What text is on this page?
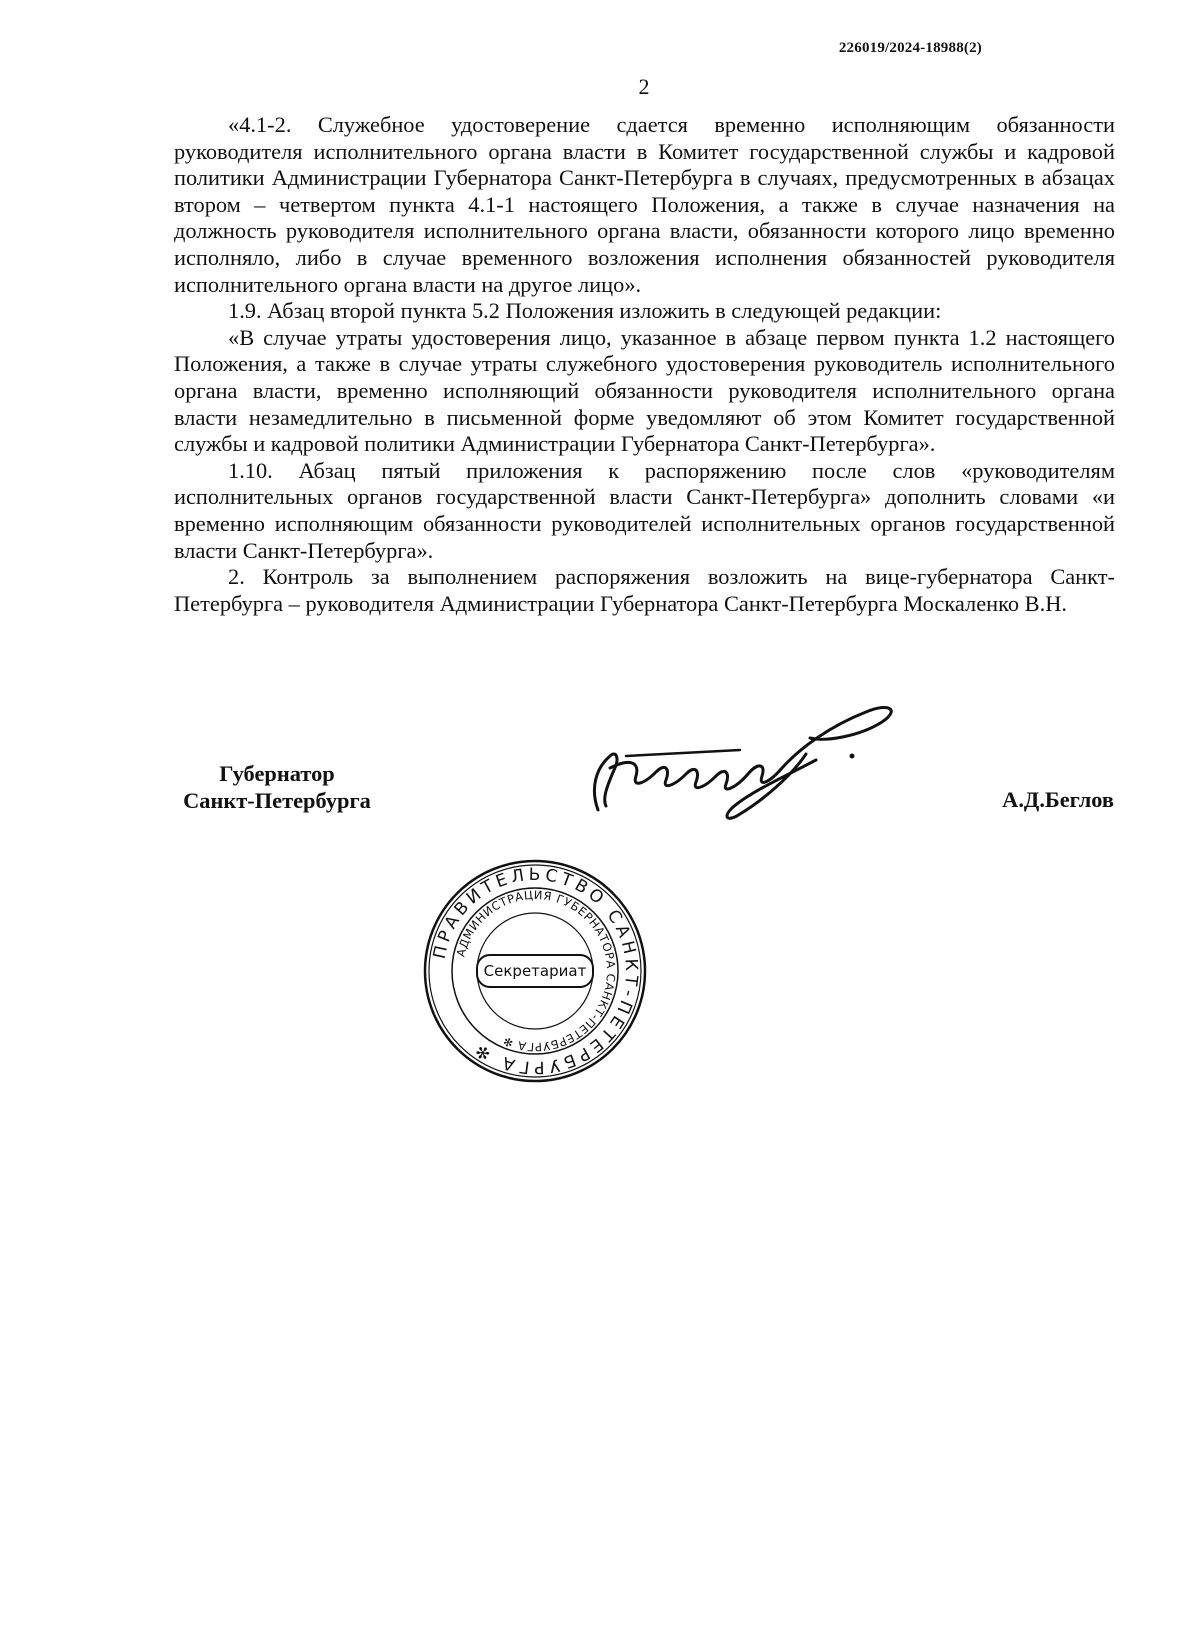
226019/2024-18988(2)
2

«4.1-2. Служебное удостоверение сдается временно исполняющим обязанности руководителя исполнительного органа власти в Комитет государственной службы и кадровой политики Администрации Губернатора Санкт-Петербурга в случаях, предусмотренных в абзацах втором – четвертом пункта 4.1-1 настоящего Положения, а также в случае назначения на должность руководителя исполнительного органа власти, обязанности которого лицо временно исполняло, либо в случае временного возложения исполнения обязанностей руководителя исполнительного органа власти на другое лицо».

1.9. Абзац второй пункта 5.2 Положения изложить в следующей редакции:

«В случае утраты удостоверения лицо, указанное в абзаце первом пункта 1.2 настоящего Положения, а также в случае утраты служебного удостоверения руководитель исполнительного органа власти, временно исполняющий обязанности руководителя исполнительного органа власти незамедлительно в письменной форме уведомляют об этом Комитет государственной службы и кадровой политики Администрации Губернатора Санкт-Петербурга».

1.10. Абзац пятый приложения к распоряжению после слов «руководителям исполнительных органов государственной власти Санкт-Петербурга» дополнить словами «и временно исполняющим обязанности руководителей исполнительных органов государственной власти Санкт-Петербурга».

2. Контроль за выполнением распоряжения возложить на вице-губернатора Санкт-Петербурга – руководителя Администрации Губернатора Санкт-Петербурга Москаленко В.Н.

Губернатор
Санкт-Петербурга	А.Д.Беглов
ПРАВИТЕЛЬСТВО САНКТ-ПЕТЕРБУРГА ✻
АДМИНИСТРАЦИЯ ГУБЕРНАТОРА САНКТ-ПЕТЕРБУРГА ✻
Секретариат
